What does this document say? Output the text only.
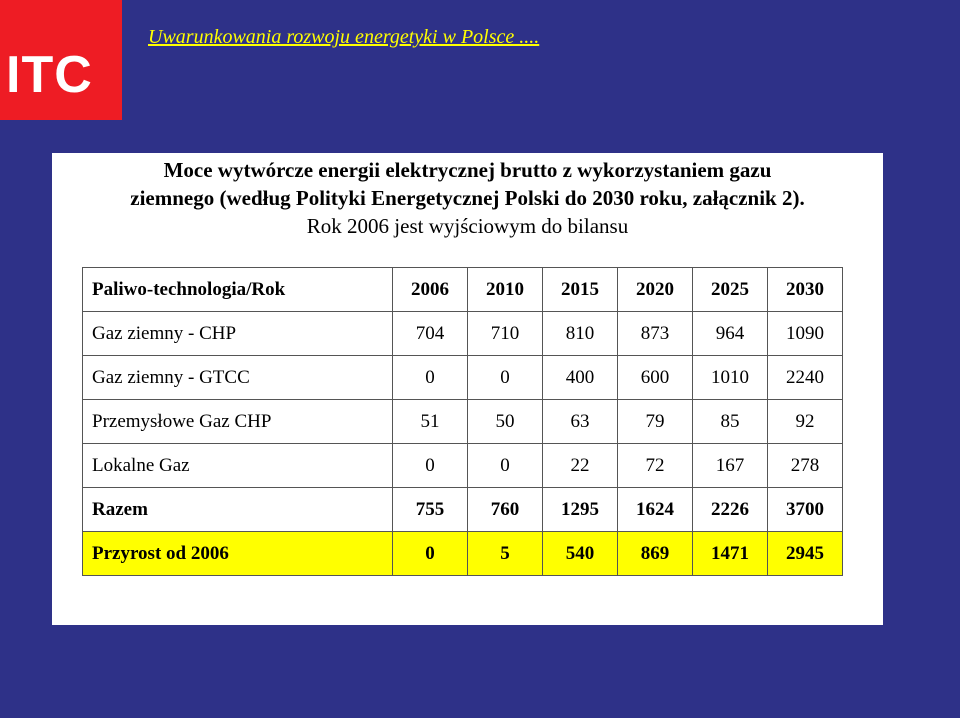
ITC
Uwarunkowania rozwoju energetyki w Polsce ....
Moce wytwórcze energii elektrycznej brutto z wykorzystaniem gazu
ziemnego (według Polityki Energetycznej Polski do 2030 roku, załącznik 2).
Rok 2006 jest wyjściowym do bilansu
Paliwo-technologia/Rok	2006	2010	2015	2020	2025	2030
Gaz ziemny - CHP	704	710	810	873	964	1090
Gaz ziemny - GTCC	0	0	400	600	1010	2240
Przemysłowe Gaz CHP	51	50	63	79	85	92
Lokalne Gaz	0	0	22	72	167	278
Razem	755	760	1295	1624	2226	3700
Przyrost od 2006	0	5	540	869	1471	2945
